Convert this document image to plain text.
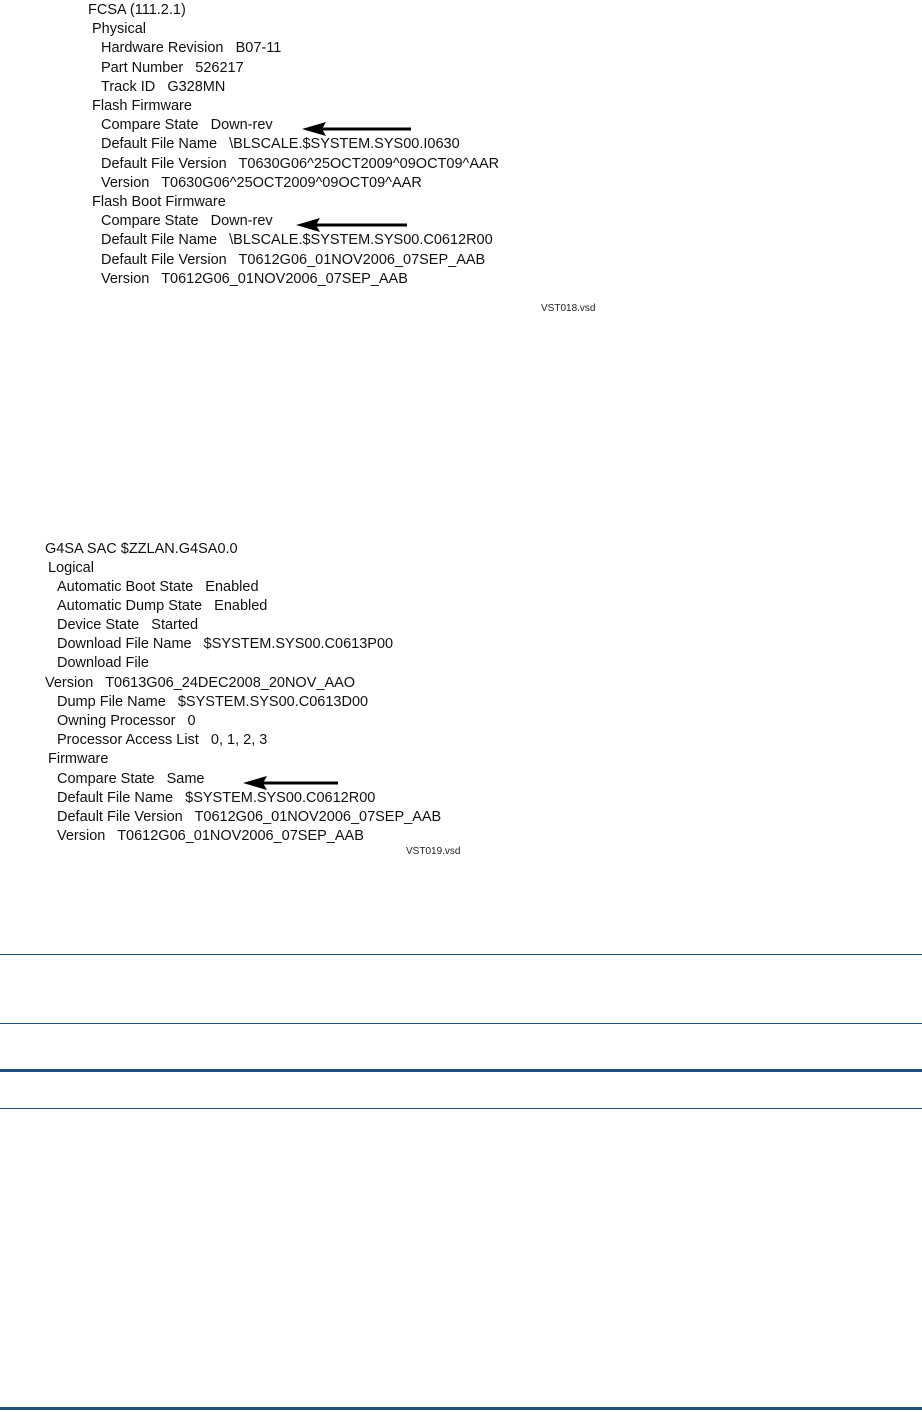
FCSA (111.2.1)
Physical
Hardware Revision   B07-11
Part Number   526217
Track ID   G328MN
Flash Firmware
Compare State   Down-rev
Default File Name   \BLSCALE.$SYSTEM.SYS00.I0630
Default File Version   T0630G06^25OCT2009^09OCT09^AAR
Version   T0630G06^25OCT2009^09OCT09^AAR
Flash Boot Firmware
Compare State   Down-rev
Default File Name   \BLSCALE.$SYSTEM.SYS00.C0612R00
Default File Version   T0612G06_01NOV2006_07SEP_AAB
Version   T0612G06_01NOV2006_07SEP_AAB
VST018.vsd
G4SA SAC $ZZLAN.G4SA0.0
Logical
Automatic Boot State   Enabled
Automatic Dump State   Enabled
Device State   Started
Download File Name   $SYSTEM.SYS00.C0613P00
Download File
Version   T0613G06_24DEC2008_20NOV_AAO
Dump File Name   $SYSTEM.SYS00.C0613D00
Owning Processor   0
Processor Access List   0, 1, 2, 3
Firmware
Compare State   Same
Default File Name   $SYSTEM.SYS00.C0612R00
Default File Version   T0612G06_01NOV2006_07SEP_AAB
Version   T0612G06_01NOV2006_07SEP_AAB
VST019.vsd
